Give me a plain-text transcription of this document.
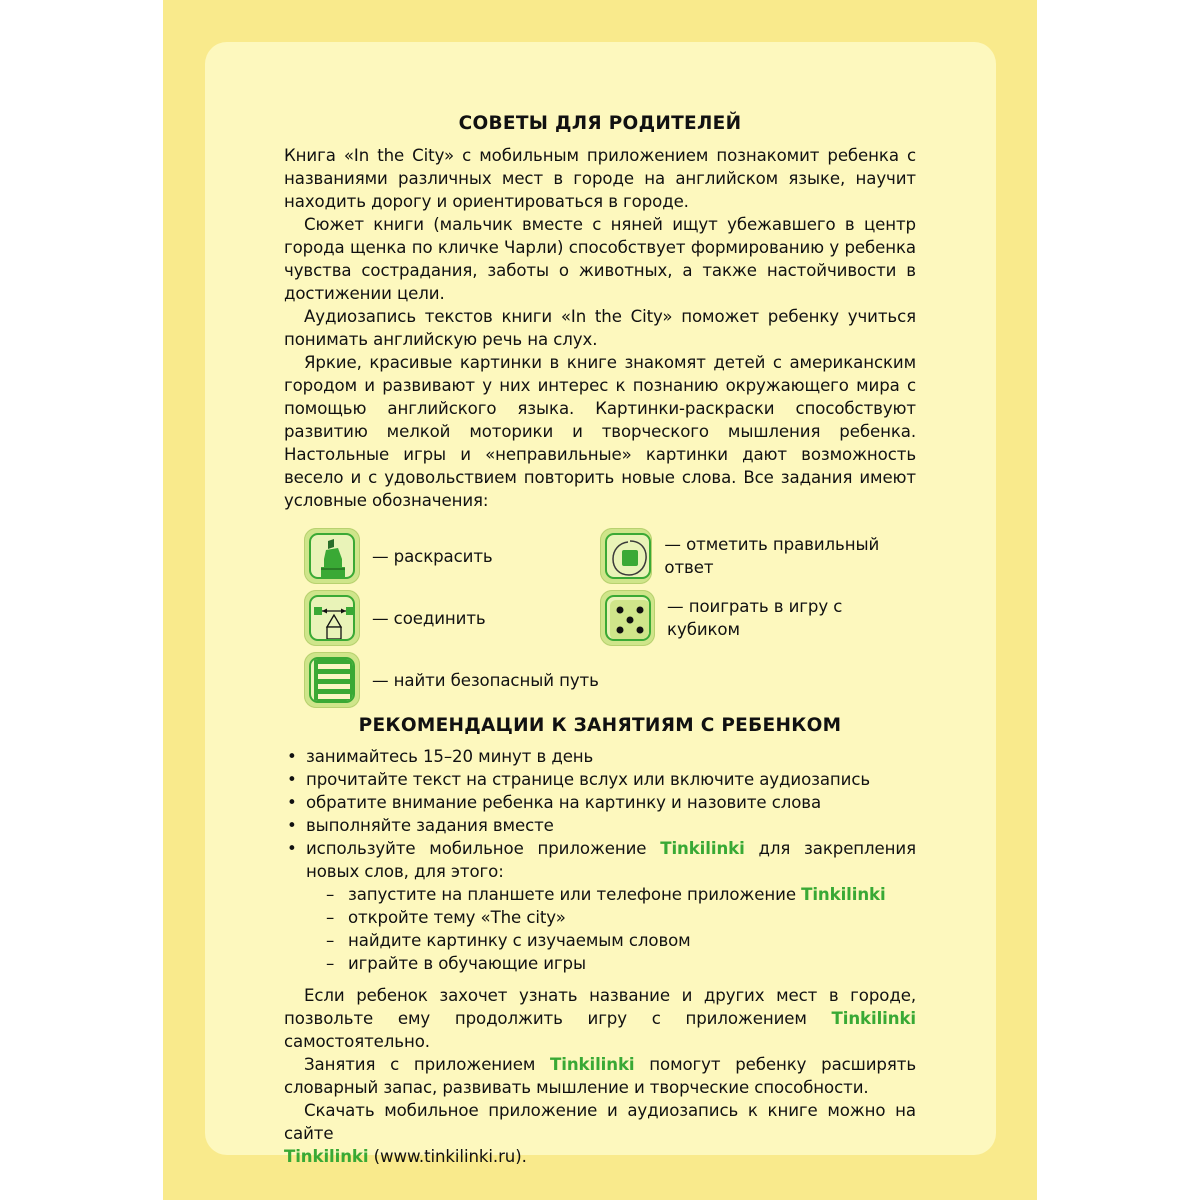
СОВЕТЫ ДЛЯ РОДИТЕЛЕЙ

Книга «In the City» с мобильным приложением познакомит ребенка с названиями различных мест в городе на английском языке, научит находить дорогу и ориентироваться в городе.

Сюжет книги (мальчик вместе с няней ищут убежавшего в центр города щенка по кличке Чарли) способствует формированию у ребенка чувства сострадания, заботы о животных, а также настойчивости в достижении цели.

Аудиозапись текстов книги «In the City» поможет ребенку учиться понимать английскую речь на слух.

Яркие, красивые картинки в книге знакомят детей с американским городом и развивают у них интерес к познанию окружающего мира с помощью английского языка. Картинки-раскраски способствуют развитию мелкой моторики и творческого мышления ребенка. Настольные игры и «неправильные» картинки дают возможность весело и с удовольствием повторить новые слова. Все задания имеют условные обозначения:

— раскрасить
— соединить
— найти безопасный путь
— отметить правильный ответ
— поиграть в игру с кубиком
РЕКОМЕНДАЦИИ К ЗАНЯТИЯМ С РЕБЕНКОМ
• занимайтесь 15–20 минут в день
• прочитайте текст на странице вслух или включите аудиозапись
• обратите внимание ребенка на картинку и назовите слова
• выполняйте задания вместе
• используйте мобильное приложение Tinkilinki для закрепления новых слов, для этого:
– запустите на планшете или телефоне приложение Tinkilinki
– откройте тему «The city»
– найдите картинку с изучаемым словом
– играйте в обучающие игры

Если ребенок захочет узнать название и других мест в городе, позвольте ему продолжить игру с приложением Tinkilinki самостоятельно.

Занятия с приложением Tinkilinki помогут ребенку расширять словарный запас, развивать мышление и творческие способности.

Скачать мобильное приложение и аудиозапись к книге можно на сайте

Tinkilinki (www.tinkilinki.ru).
